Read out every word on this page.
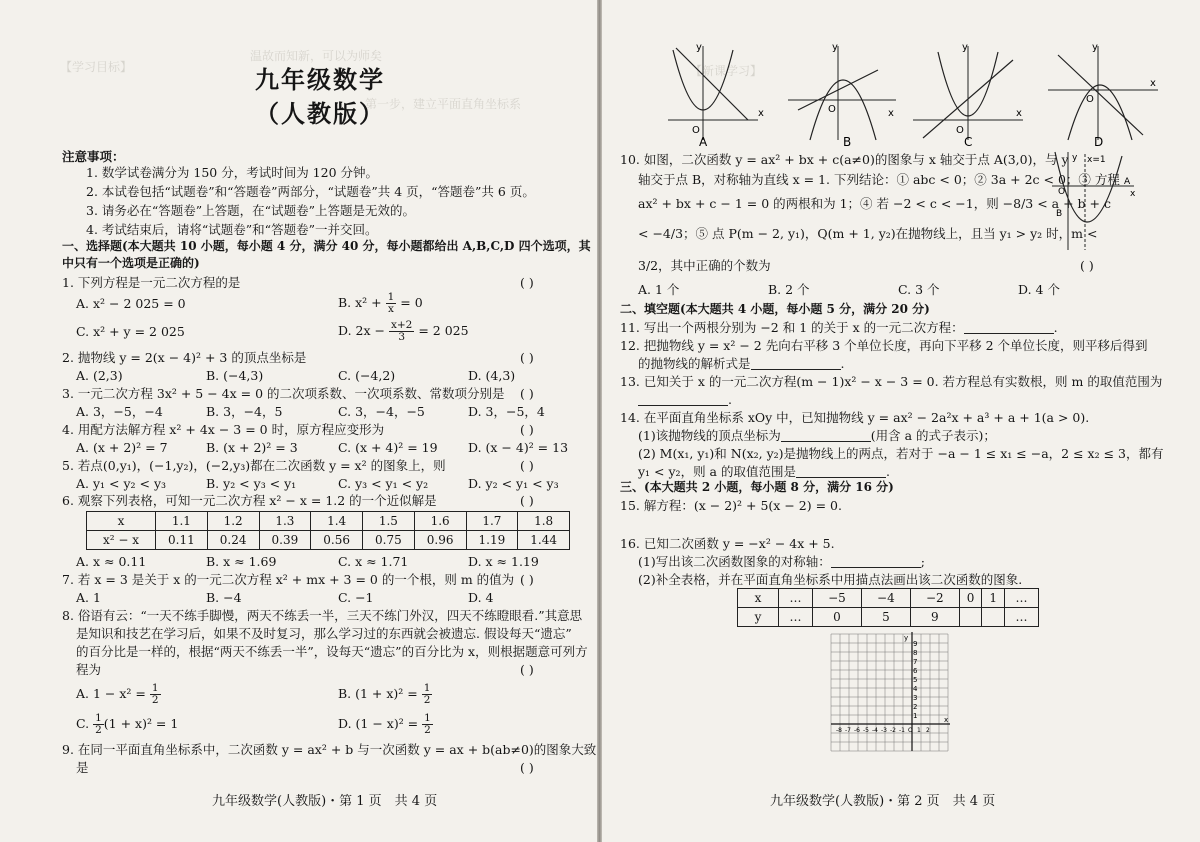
温故而知新，可以为师矣
【学习目标】
第一步，建立平面直角坐标系
【新课学习】
九年级数学
（人教版）
注意事项：
1. 数学试卷满分为 150 分，考试时间为 120 分钟。
2. 本试卷包括“试题卷”和“答题卷”两部分，“试题卷”共 4 页，“答题卷”共 6 页。
3. 请务必在“答题卷”上答题，在“试题卷”上答题是无效的。
4. 考试结束后，请将“试题卷”和“答题卷”一并交回。
一、选择题(本大题共 10 小题，每小题 4 分，满分 40 分，每小题都给出 A,B,C,D 四个选项，其
中只有一个选项是正确的)
1. 下列方程是一元二次方程的是	( )
A. x² − 2 025 = 0	B. $x^2 + \frac{1}{x} = 0$
C. x² + y = 2 025	D. $2x - \frac{x+2}{3} = 2$ 025
2. 抛物线 y = 2(x − 4)² + 3 的顶点坐标是	( )
A. (2,3)	B. (−4,3)	C. (−4,2)	D. (4,3)
3. 一元二次方程 3x² + 5 − 4x = 0 的二次项系数、一次项系数、常数项分别是 ( )
A. 3，−5，−4	B. 3，−4，5	C. 3，−4，−5	D. 3，−5，4
4. 用配方法解方程 x² + 4x − 3 = 0 时，原方程应变形为	( )
A. (x + 2)² = 7	B. (x + 2)² = 3	C. (x + 4)² = 19 D. (x − 4)² = 13
5. 若点(0,y₁)，(−1,y₂)，(−2,y₃)都在二次函数 y = x² 的图象上，则	( )
A. y₁ < y₂ < y₃	B. y₂ < y₃ < y₁	C. y₃ < y₁ < y₂	D. y₂ < y₁ < y₃
6. 观察下列表格，可知一元二次方程 x² − x = 1.2 的一个近似解是	( )
x	1.1	1.2	1.3	1.4	1.5	1.6	1.7	1.8
x² − x	0.11	0.24	0.39	0.56	0.75	0.96	1.19	1.44
A. x ≈ 0.11	B. x ≈ 1.69	C. x ≈ 1.71	D. x ≈ 1.19
7. 若 x = 3 是关于 x 的一元二次方程 x² + mx + 3 = 0 的一个根，则 m 的值为 ( )
A. 1	B. −4	C. −1	D. 4
8. 俗语有云：“一天不练手脚慢，两天不练丢一半，三天不练门外汉，四天不练瞪眼看.”其意思
是知识和技艺在学习后，如果不及时复习，那么学习过的东西就会被遗忘. 假设每天“遗忘”
的百分比是一样的，根据“两天不练丢一半”，设每天“遗忘”的百分比为 x，则根据题意可列方
程为	( )
A. $1 - x^2 = \frac{1}{2}$	B. $(1 + x)^2 = \frac{1}{2}$
C. $\frac{1}{2} (1 + x)^2 = 1$	D. $(1 - x)^2 = \frac{1}{2}$
9. 在同一平面直角坐标系中，二次函数 y = ax² + b 与一次函数 y = ax + b(ab≠0)的图象大致
是	( )
九年级数学(人教版)・第 1 页　共 4 页
x
y
O
x
y
O	x
y
O
x
y
O
A	B	C	D
10. 如图，二次函数 y = ax² + bx + c(a≠0)的图象与 x 轴交于点 A(3,0)，与 y
轴交于点 B，对称轴为直线 x = 1. 下列结论：① abc < 0；② 3a + 2c < 0；③ 方程
ax² + bx + c − 1 = 0 的两根和为 1；④ 若 −2 < c < −1，则 −8/3 < a + b + c
< −4/3；⑤ 点 P(m − 2, y₁)，Q(m + 1, y₂)在抛物线上，且当 y₁ > y₂ 时，m <
3/2，其中正确的个数为	( )
A. 1 个	B. 2 个	C. 3 个	D. 4 个
x=1
A
B
O	x
y
二、填空题(本大题共 4 小题，每小题 5 分，满分 20 分)
11. 写出一个两根分别为 −2 和 1 的关于 x 的一元二次方程：	.
12. 把抛物线 y = x² − 2 先向右平移 3 个单位长度，再向下平移 2 个单位长度，则平移后得到
的抛物线的解析式是	.
13. 已知关于 x 的一元二次方程(m − 1)x² − x − 3 = 0. 若方程总有实数根，则 m 的取值范围为
.
14. 在平面直角坐标系 xOy 中，已知抛物线 y = ax² − 2a²x + a³ + a + 1(a > 0).
(1)该抛物线的顶点坐标为	(用含 a 的式子表示)；
(2) M(x₁, y₁)和 N(x₂, y₂)是抛物线上的两点，若对于 −a − 1 ≤ x₁ ≤ −a，2 ≤ x₂ ≤ 3，都有
y₁ < y₂，则 a 的取值范围是	.
三、(本大题共 2 小题，每小题 8 分，满分 16 分)
15. 解方程：(x − 2)² + 5(x − 2) = 0.
16. 已知二次函数 y = −x² − 4x + 5.
(1)写出该二次函数图象的对称轴：	;
(2)补全表格，并在平面直角坐标系中用描点法画出该二次函数的图象.
x	…	−5	−4	−2	0	1	…
y	…	0	5	9			…
9
8
7
6
5
4
3
2
1
-8 -7 -6 -5 -4 -3 -2 -1 O 1 2
x
y
九年级数学(人教版)・第 2 页　共 4 页
